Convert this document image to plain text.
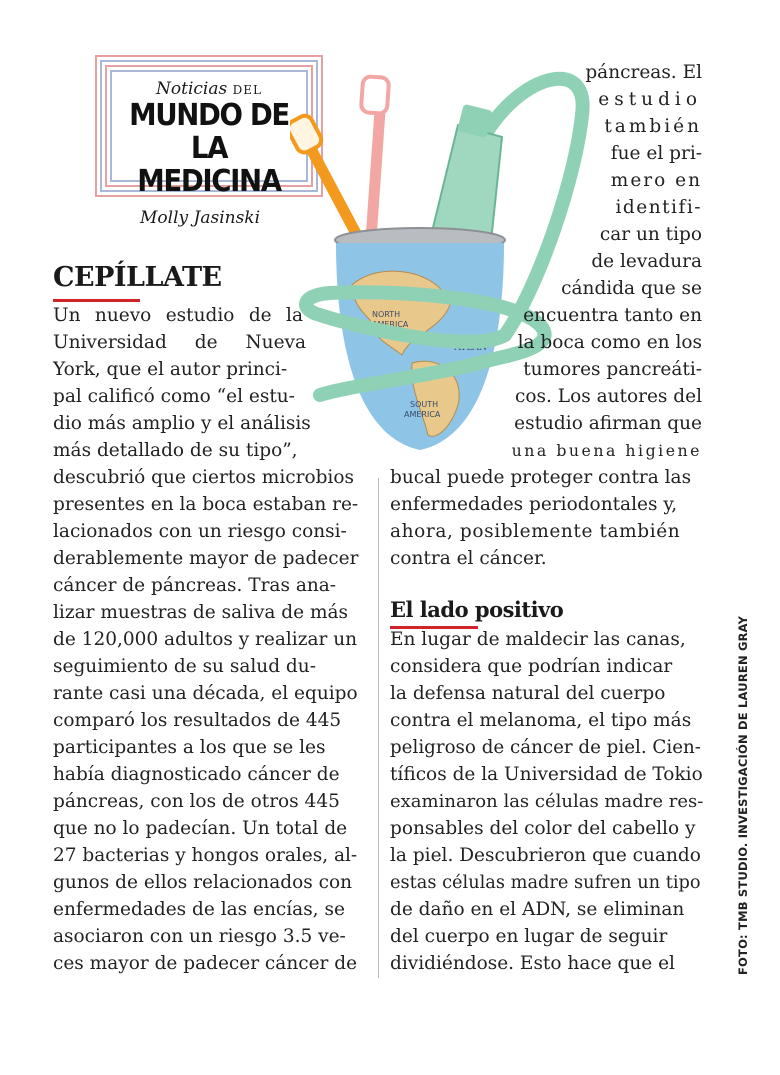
Noticias DEL
MUNDO DE
LA MEDICINA
Molly Jasinski
NORTH
AMERICA
ATLAN
OCEA
SOUTH
AMERICA
CEPÍLLATE
Un nuevo estudio de la
Universidad de Nueva
York, que el autor princi-
pal calificó como “el estu-
dio más amplio y el análisis
más detallado de su tipo”,
descubrió que ciertos microbios
presentes en la boca estaban re-
lacionados con un riesgo consi-
derablemente mayor de padecer
cáncer de páncreas. Tras ana-
lizar muestras de saliva de más
de 120,000 adultos y realizar un
seguimiento de su salud du-
rante casi una década, el equipo
comparó los resultados de 445
participantes a los que se les
había diagnosticado cáncer de
páncreas, con los de otros 445
que no lo padecían. Un total de
27 bacterias y hongos orales, al-
gunos de ellos relacionados con
enfermedades de las encías, se
asociaron con un riesgo 3.5 ve-
ces mayor de padecer cáncer de
páncreas. El
estudio
también
fue el pri-
mero en
identifi-
car un tipo
de levadura
cándida que se
encuentra tanto en
la boca como en los
tumores pancreáti-
cos. Los autores del
estudio afirman que
una buena higiene
bucal puede proteger contra las
enfermedades periodontales y,
ahora, posiblemente también
contra el cáncer.
El lado positivo
En lugar de maldecir las canas,
considera que podrían indicar
la defensa natural del cuerpo
contra el melanoma, el tipo más
peligroso de cáncer de piel. Cien-
tíficos de la Universidad de Tokio
examinaron las células madre res-
ponsables del color del cabello y
la piel. Descubrieron que cuando
estas células madre sufren un tipo
de daño en el ADN, se eliminan
del cuerpo en lugar de seguir
dividiéndose. Esto hace que el	FOTO: TMB STUDIO. INVESTIGACIÓN DE LAUREN GRAY
